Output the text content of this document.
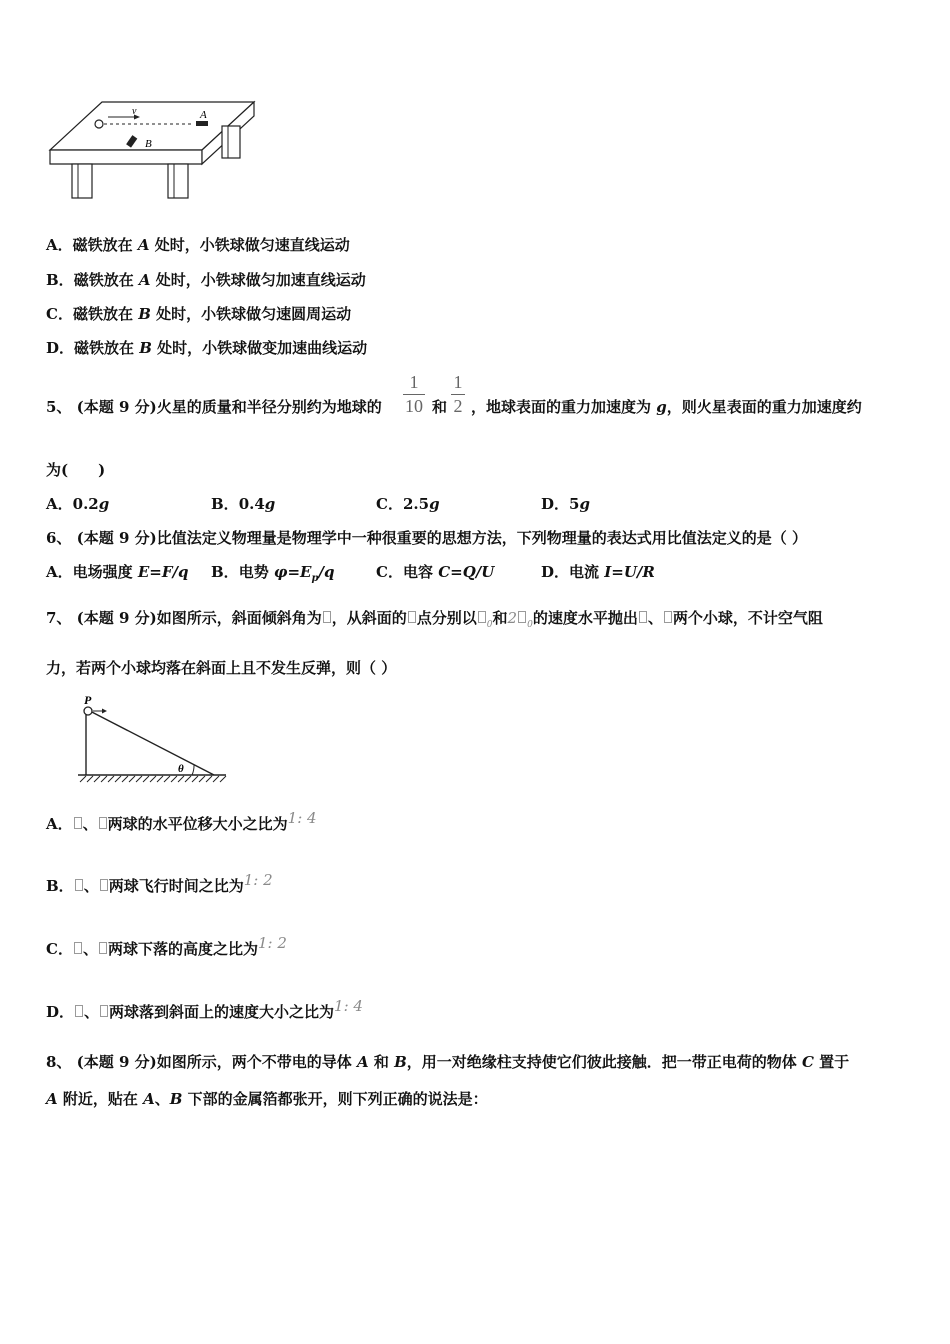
v	A
B
A．磁铁放在 A 处时，小铁球做匀速直线运动
B．磁铁放在 A 处时，小铁球做匀加速直线运动
C．磁铁放在 B 处时，小铁球做匀速圆周运动
D．磁铁放在 B 处时，小铁球做变加速曲线运动
5、 (本题 9 分)火星的质量和半径分别约为地球的
1
10 和
1
2 ，地球表面的重力加速度为 g，则火星表面的重力加速度约
为(　　)
A．0.2g	B．0.4g	C．2.5g	D．5g
6、 (本题 9 分)比值法定义物理量是物理学中一种很重要的思想方法，下列物理量的表达式用比值法定义的是（ ）
A．电场强度 E=F/q B．电势 $\varphi=E_p/q$	C．电容 C=Q/U	D．电流 I=U/R
7、 (本题 9 分)如图所示，斜面倾斜角为 ，从斜面的 点分别以 $_0$和2 $_0$的速度水平抛出 、 两个小球，不计空气阻
力，若两个小球均落在斜面上且不发生反弹，则（ ）
P
θ
A． 、 两球的水平位移大小之比为1: 4
B． 、 两球飞行时间之比为1: 2
C． 、 两球下落的高度之比为1: 2
D． 、 两球落到斜面上的速度大小之比为1: 4
8、 (本题 9 分)如图所示，两个不带电的导体 A 和 B，用一对绝缘柱支持使它们彼此接触．把一带正电荷的物体 C 置于
A 附近，贴在 A、B 下部的金属箔都张开，则下列正确的说法是：
